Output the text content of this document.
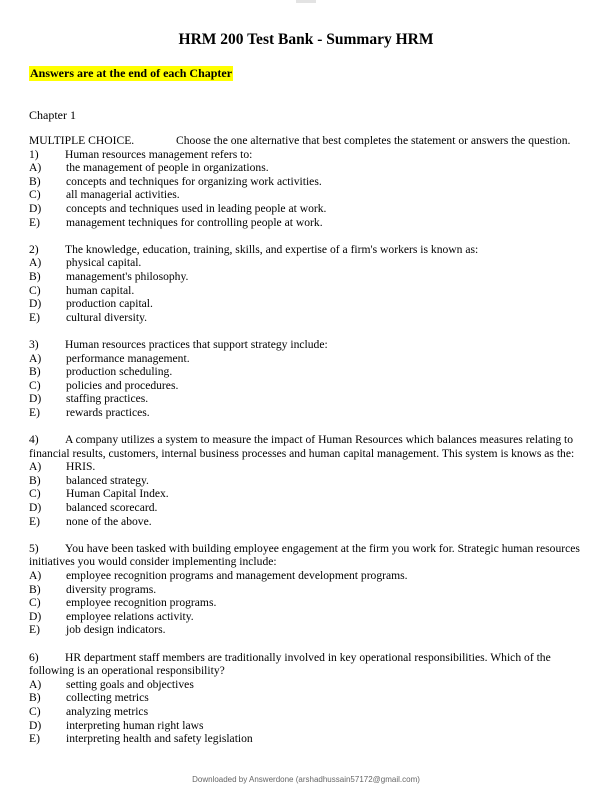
HRM 200 Test Bank - Summary HRM
Answers are at the end of each Chapter
Chapter 1
MULTIPLE CHOICE.	Choose the one alternative that best completes the statement or answers the question.
1) Human resources management refers to:
A) the management of people in organizations.
B) concepts and techniques for organizing work activities.
C) all managerial activities.
D) concepts and techniques used in leading people at work.
E) management techniques for controlling people at work.
2) The knowledge, education, training, skills, and expertise of a firm's workers is known as:
A) physical capital.
B) management's philosophy.
C) human capital.
D) production capital.
E) cultural diversity.
3) Human resources practices that support strategy include:
A) performance management.
B) production scheduling.
C) policies and procedures.
D) staffing practices.
E) rewards practices.
4) A company utilizes a system to measure the impact of Human Resources which balances measures relating to financial results, customers, internal business processes and human capital management. This system is knows as the:
A) HRIS.
B) balanced strategy.
C) Human Capital Index.
D) balanced scorecard.
E) none of the above.
5) You have been tasked with building employee engagement at the firm you work for. Strategic human resources initiatives you would consider implementing include:
A) employee recognition programs and management development programs.
B) diversity programs.
C) employee recognition programs.
D) employee relations activity.
E) job design indicators.
6) HR department staff members are traditionally involved in key operational responsibilities. Which of the following is an operational responsibility?
A) setting goals and objectives
B) collecting metrics
C) analyzing metrics
D) interpreting human right laws
E) interpreting health and safety legislation
Downloaded by Answerdone (arshadhussain57172@gmail.com)
